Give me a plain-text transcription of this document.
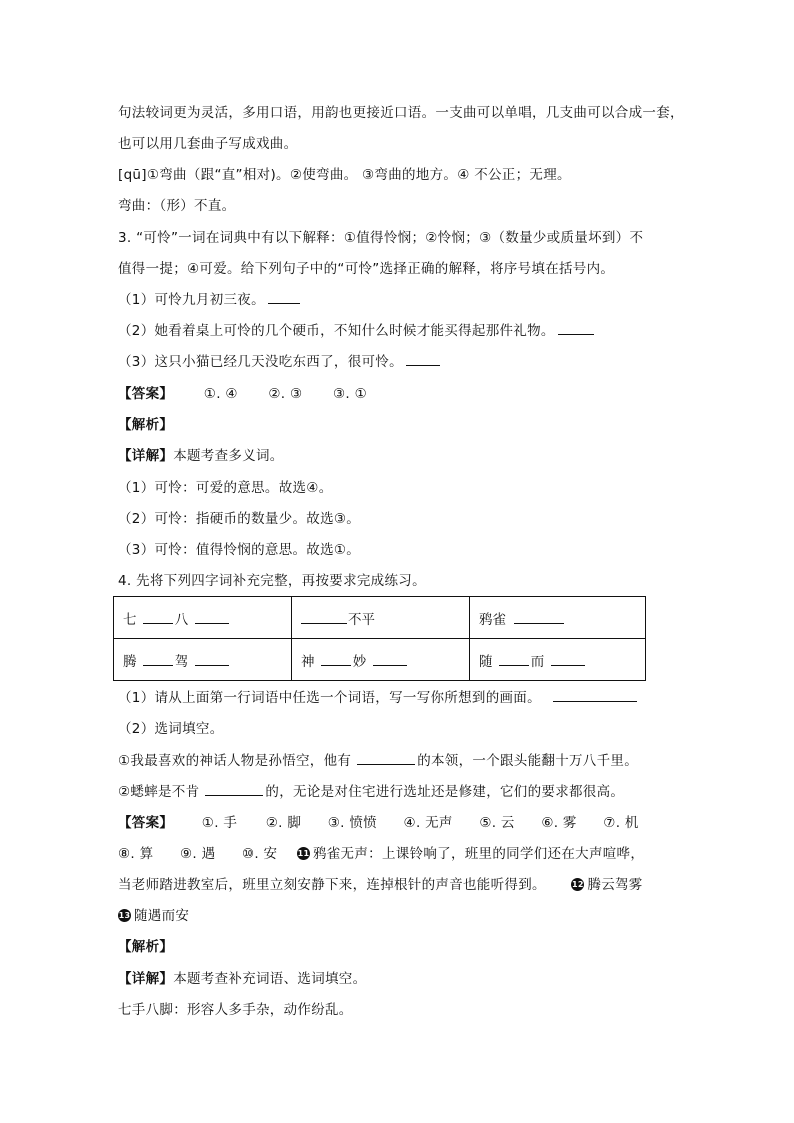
句法较词更为灵活，多用口语，用韵也更接近口语。一支曲可以单唱，几支曲可以合成一套，
也可以用几套曲子写成戏曲。
[qū]①弯曲（跟“直”相对)。②使弯曲。 ③弯曲的地方。④ 不公正；无理。
弯曲：（形）不直。
3. “可怜”一词在词典中有以下解释：①值得怜悯；②怜悯；③（数量少或质量坏到）不
值得一提；④可爱。给下列句子中的“可怜”选择正确的解释，将序号填在括号内。
（1）可怜九月初三夜。
（2）她看着桌上可怜的几个硬币，不知什么时候才能买得起那件礼物。
（3）这只小猫已经几天没吃东西了，很可怜。
【答案】 ①. ④ ②. ③ ③. ①
【解析】
【详解】本题考查多义词。
（1）可怜：可爱的意思。故选④。
（2）可怜：指硬币的数量少。故选③。
（3）可怜：值得怜悯的意思。故选①。
4. 先将下列四字词补充完整，再按要求完成练习。
七 八	不平	鸦雀
腾 驾	神 妙	随 而
（1）请从上面第一行词语中任选一个词语，写一写你所想到的画面。
（2）选词填空。
①我最喜欢的神话人物是孙悟空，他有	的本领，一个跟头能翻十万八千里。
②蟋蟀是不肯	的，无论是对住宅进行选址还是修建，它们的要求都很高。
【答案】 ①. 手 ②. 脚 ③. 愤愤 ④. 无声 ⑤. 云 ⑥. 雾 ⑦. 机
⑧. 算 ⑨. 遇 ⑩. 安	11 鸦雀无声：上课铃响了，班里的同学们还在大声喧哗，
当老师踏进教室后，班里立刻安静下来，连掉根针的声音也能听得到。	12 腾云驾雾
13 随遇而安
【解析】
【详解】本题考查补充词语、选词填空。
七手八脚：形容人多手杂，动作纷乱。
